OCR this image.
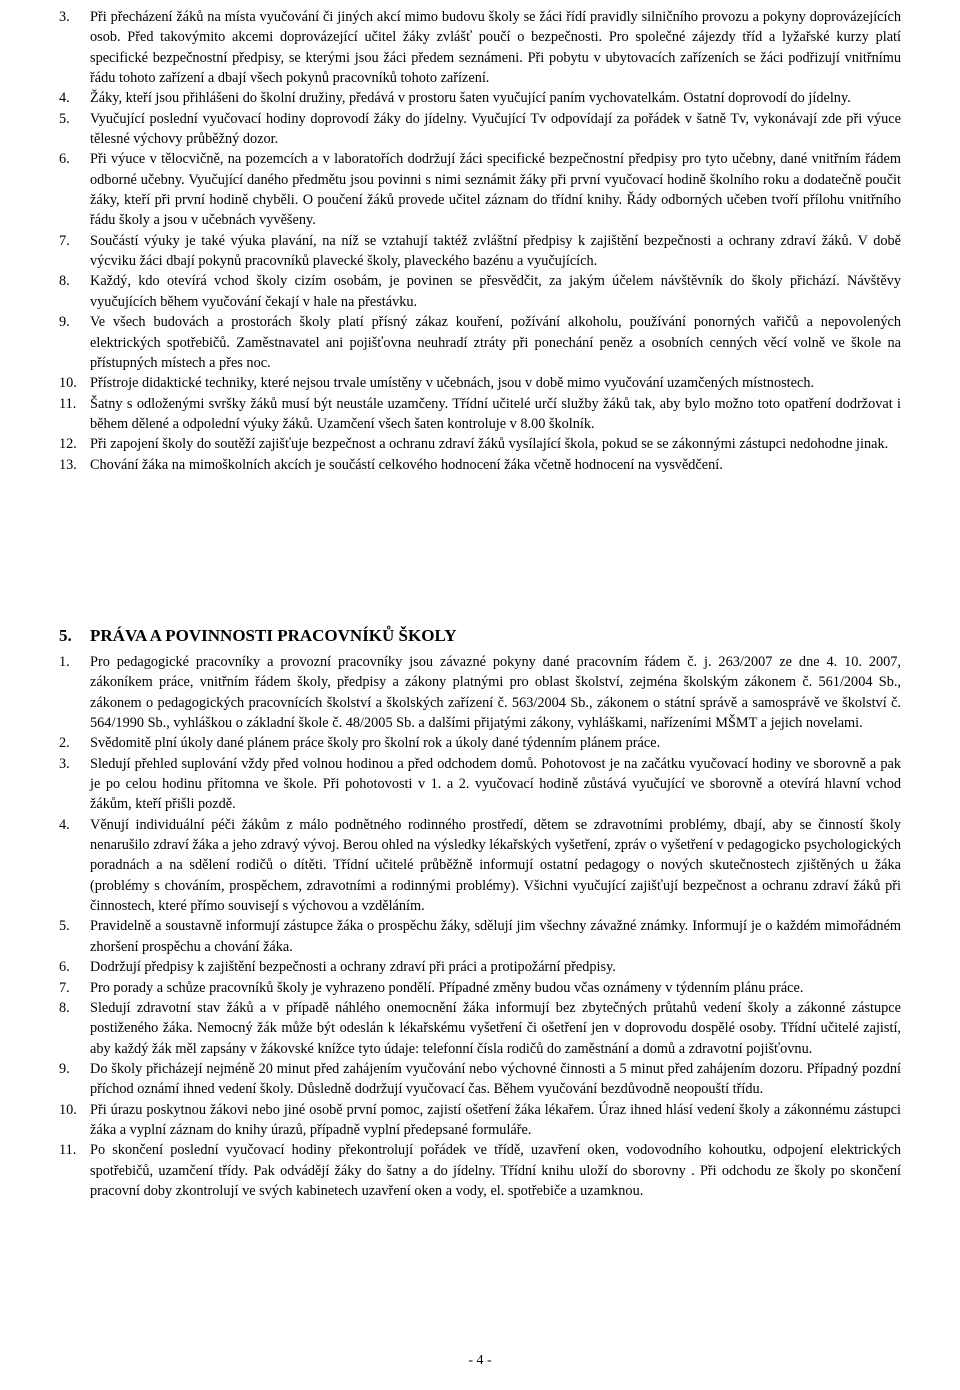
3. Při přecházení žáků na místa vyučování či jiných akcí mimo budovu školy se žáci řídí pravidly silničního provozu a pokyny doprovázejících osob. Před takovýmito akcemi doprovázející učitel žáky zvlášť poučí o bezpečnosti. Pro společné zájezdy tříd a lyžařské kurzy platí specifické bezpečnostní předpisy, se kterými jsou žáci předem seznámeni. Při pobytu v ubytovacích zařízeních se žáci podřizují vnitřnímu řádu tohoto zařízení a dbají všech pokynů pracovníků tohoto zařízení.
4. Žáky, kteří jsou přihlášeni do školní družiny, předává v prostoru šaten vyučující paním vychovatelkám. Ostatní doprovodí do jídelny.
5. Vyučující poslední vyučovací hodiny doprovodí žáky do jídelny. Vyučující Tv odpovídají za pořádek v šatně Tv, vykonávají zde při výuce tělesné výchovy průběžný dozor.
6. Při výuce v tělocvičně, na pozemcích a v laboratořích dodržují žáci specifické bezpečnostní předpisy pro tyto učebny, dané vnitřním řádem odborné učebny. Vyučující daného předmětu jsou povinni s nimi seznámit žáky při první vyučovací hodině školního roku a dodatečně poučit žáky, kteří při první hodině chyběli. O poučení žáků provede učitel záznam do třídní knihy. Řády odborných učeben tvoří přílohu vnitřního řádu školy a jsou v učebnách vyvěšeny.
7. Součástí výuky je také výuka plavání, na níž se vztahují taktéž zvláštní předpisy k zajištění bezpečnosti a ochrany zdraví žáků. V době výcviku žáci dbají pokynů pracovníků plavecké školy, plaveckého bazénu a vyučujících.
8. Každý, kdo otevírá vchod školy cizím osobám, je povinen se přesvědčit, za jakým účelem návštěvník do školy přichází. Návštěvy vyučujících během vyučování čekají v hale na přestávku.
9. Ve všech budovách a prostorách školy platí přísný zákaz kouření, požívání alkoholu, používání ponorných vařičů a nepovolených elektrických spotřebičů. Zaměstnavatel ani pojišťovna neuhradí ztráty při ponechání peněz a osobních cenných věcí volně ve škole na přístupných místech a přes noc.
10. Přístroje didaktické techniky, které nejsou trvale umístěny v učebnách, jsou v době mimo vyučování uzamčených místnostech.
11. Šatny s odloženými svršky žáků musí být neustále uzamčeny. Třídní učitelé určí služby žáků tak, aby bylo možno toto opatření dodržovat i během dělené a odpolední výuky žáků. Uzamčení všech šaten kontroluje v 8.00 školník.
12. Při zapojení školy do soutěží zajišťuje bezpečnost a ochranu zdraví žáků vysílající škola, pokud se se zákonnými zástupci nedohodne jinak.
13. Chování žáka na mimoškolních akcích je součástí celkového hodnocení žáka včetně hodnocení na vysvědčení.
5. PRÁVA A POVINNOSTI PRACOVNÍKŮ ŠKOLY
1. Pro pedagogické pracovníky a provozní pracovníky jsou závazné pokyny dané pracovním řádem č. j. 263/2007 ze dne 4. 10. 2007, zákoníkem práce, vnitřním řádem školy, předpisy a zákony platnými pro oblast školství, zejména školským zákonem č. 561/2004 Sb., zákonem o pedagogických pracovnících školství a školských zařízení č. 563/2004 Sb., zákonem o státní správě a samosprávě ve školství č. 564/1990 Sb., vyhláškou o základní škole č. 48/2005 Sb. a dalšími přijatými zákony, vyhláškami, nařízeními MŠMT a jejich novelami.
2. Svědomitě plní úkoly dané plánem práce školy pro školní rok a úkoly dané týdenním plánem práce.
3. Sledují přehled suplování vždy před volnou hodinou a před odchodem domů. Pohotovost je na začátku vyučovací hodiny ve sborovně a pak je po celou hodinu přítomna ve škole. Při pohotovosti v 1. a 2. vyučovací hodině zůstává vyučující ve sborovně a otevírá hlavní vchod žákům, kteří přišli pozdě.
4. Věnují individuální péči žákům z málo podnětného rodinného prostředí, dětem se zdravotními problémy, dbají, aby se činností školy nenarušilo zdraví žáka a jeho zdravý vývoj. Berou ohled na výsledky lékařských vyšetření, zpráv o vyšetření v pedagogicko psychologických poradnách a na sdělení rodičů o dítěti. Třídní učitelé průběžně informují ostatní pedagogy o nových skutečnostech zjištěných u žáka (problémy s chováním, prospěchem, zdravotními a rodinnými problémy). Všichni vyučující zajišťují bezpečnost a ochranu zdraví žáků při činnostech, které přímo souvisejí s výchovou a vzděláním.
5. Pravidelně a soustavně informují zástupce žáka o prospěchu žáky, sdělují jim všechny závažné známky. Informují je o každém mimořádném zhoršení prospěchu a chování žáka.
6. Dodržují předpisy k zajištění bezpečnosti a ochrany zdraví při práci a protipožární předpisy.
7. Pro porady a schůze pracovníků školy je vyhrazeno pondělí. Případné změny budou včas oznámeny v týdenním plánu práce.
8. Sledují zdravotní stav žáků a v případě náhlého onemocnění žáka informují bez zbytečných průtahů vedení školy a zákonné zástupce postiženého žáka. Nemocný žák může být odeslán k lékařskému vyšetření či ošetření jen v doprovodu dospělé osoby. Třídní učitelé zajistí, aby každý žák měl zapsány v žákovské knížce tyto údaje: telefonní čísla rodičů do zaměstnání a domů a zdravotní pojišťovnu.
9. Do školy přicházejí nejméně 20 minut před zahájením vyučování nebo výchovné činnosti a 5 minut před zahájením dozoru. Případný pozdní příchod oznámí ihned vedení školy. Důsledně dodržují vyučovací čas. Během vyučování bezdůvodně neopouští třídu.
10. Při úrazu poskytnou žákovi nebo jiné osobě první pomoc, zajistí ošetření žáka lékařem. Úraz ihned hlásí vedení školy a zákonnému zástupci žáka a vyplní záznam do knihy úrazů, případně vyplní předepsané formuláře.
11. Po skončení poslední vyučovací hodiny překontrolují pořádek ve třídě, uzavření oken, vodovodního kohoutku, odpojení elektrických spotřebičů, uzamčení třídy. Pak odvádějí žáky do šatny a do jídelny. Třídní knihu uloží do sborovny . Při odchodu ze školy po skončení pracovní doby zkontrolují ve svých kabinetech uzavření oken a vody, el. spotřebiče a uzamknou.
- 4 -
